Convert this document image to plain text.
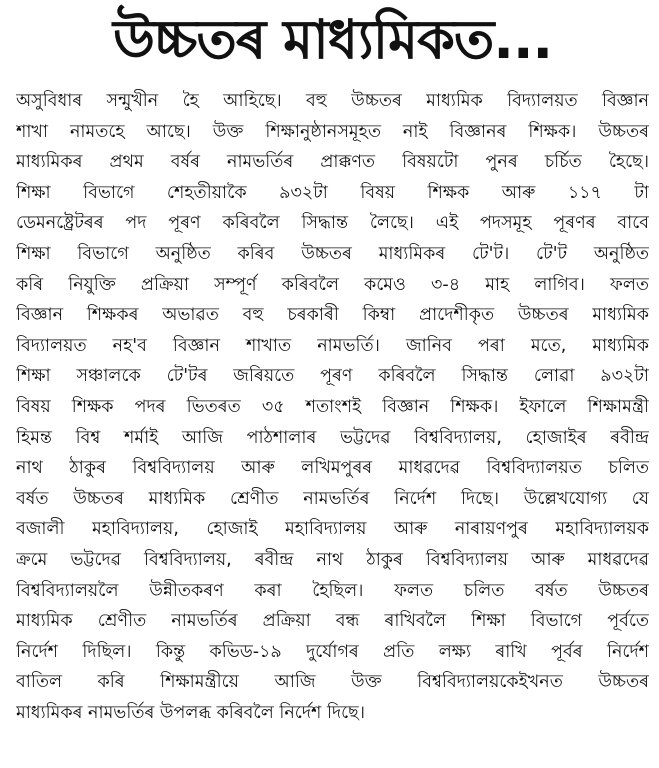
উচ্চতৰ মাধ্যমিকত...
অসুবিধাৰ সন্মুখীন হৈ আহিছে। বহু উচ্চতৰ মাধ্যমিক বিদ্যালয়ত বিজ্ঞান
শাখা নামতহে আছে। উক্ত শিক্ষানুষ্ঠানসমূহত নাই বিজ্ঞানৰ শিক্ষক। উচ্চতৰ
মাধ্যমিকৰ প্ৰথম বৰ্ষৰ নামভৰ্তিৰ প্ৰাক্কণত বিষয়টো পুনৰ চৰ্চিত হৈছে।
শিক্ষা বিভাগে শেহতীয়াকৈ ৯৩২টা বিষয় শিক্ষক আৰু ১১৭ টা
ডেমনষ্ট্ৰেটৰৰ পদ পূৰণ কৰিবলৈ সিদ্ধান্ত লৈছে। এই পদসমূহ পূৰণৰ বাবে
শিক্ষা বিভাগে অনুষ্ঠিত কৰিব উচ্চতৰ মাধ্যমিকৰ টে'ট। টে'ট অনুষ্ঠিত
কৰি নিযুক্তি প্ৰক্ৰিয়া সম্পূৰ্ণ কৰিবলৈ কমেও ৩-৪ মাহ লাগিব। ফলত
বিজ্ঞান শিক্ষকৰ অভাৱত বহু চৰকাৰী কিম্বা প্ৰাদেশীকৃত উচ্চতৰ মাধ্যমিক
বিদ্যালয়ত নহ'ব বিজ্ঞান শাখাত নামভৰ্তি। জানিব পৰা মতে, মাধ্যমিক
শিক্ষা সঞ্চালকে টে'টৰ জৰিয়তে পূৰণ কৰিবলৈ সিদ্ধান্ত লোৱা ৯৩২টা
বিষয় শিক্ষক পদৰ ভিতৰত ৩৫ শতাংশই বিজ্ঞান শিক্ষক। ইফালে শিক্ষামন্ত্ৰী
হিমন্ত বিশ্ব শৰ্মাই আজি পাঠশালাৰ ভট্টদেৱ বিশ্ববিদ্যালয়, হোজাইৰ ৰবীন্দ্ৰ
নাথ ঠাকুৰ বিশ্ববিদ্যালয় আৰু লখিমপুৰৰ মাধৱদেৱ বিশ্ববিদ্যালয়ত চলিত
বৰ্ষত উচ্চতৰ মাধ্যমিক শ্ৰেণীত নামভৰ্তিৰ নিৰ্দেশ দিছে। উল্লেখযোগ্য যে
বজালী মহাবিদ্যালয়, হোজাই মহাবিদ্যালয় আৰু নাৰায়ণপুৰ মহাবিদ্যালয়ক
ক্ৰমে ভট্টদেৱ বিশ্ববিদ্যালয়, ৰবীন্দ্ৰ নাথ ঠাকুৰ বিশ্ববিদ্যালয় আৰু মাধৱদেৱ
বিশ্ববিদ্যালয়লৈ উন্নীতকৰণ কৰা হৈছিল। ফলত চলিত বৰ্ষত উচ্চতৰ
মাধ্যমিক শ্ৰেণীত নামভৰ্তিৰ প্ৰক্ৰিয়া বন্ধ ৰাখিবলৈ শিক্ষা বিভাগে পূৰ্বতে
নিৰ্দেশ দিছিল। কিন্তু কভিড-১৯ দুৰ্যোগৰ প্ৰতি লক্ষ্য ৰাখি পূৰ্বৰ নিৰ্দেশ
বাতিল কৰি শিক্ষামন্ত্ৰীয়ে আজি উক্ত বিশ্ববিদ্যালয়কেইখনত উচ্চতৰ
মাধ্যমিকৰ নামভৰ্তিৰ উপলব্ধ কৰিবলৈ নিৰ্দেশ দিছে।
